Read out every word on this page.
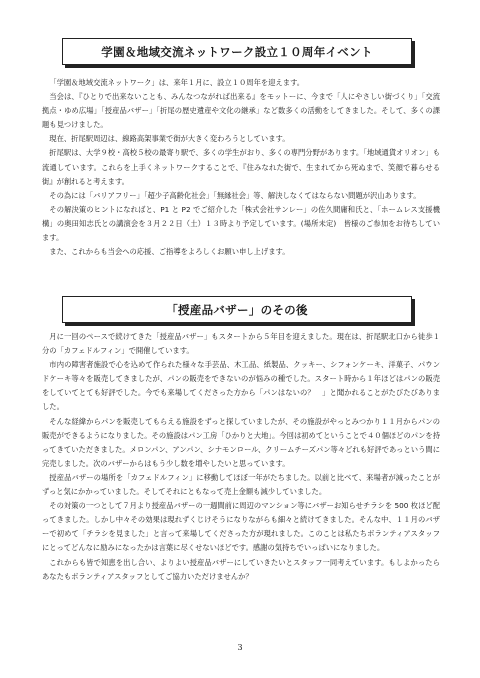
学園＆地域交流ネットワーク設立１０周年イベント

「学園＆地域交流ネットワーク」は、来年１月に、設立１０周年を迎えます。

当会は、『ひとりで出来ないことも、みんなつながれば出来る』をモットーに、今まで「人にやさしい街づくり」「交流拠点・ゆめ広場」「授産品バザー」「折尾の歴史遺産や文化の継承」など数多くの活動をしてきました。そして、多くの課題も見つけました。

現在、折尾駅周辺は、線路高架事業で街が大きく変わろうとしています。

折尾駅は、大学９校・高校５校の最寄り駅で、多くの学生がおり、多くの専門分野があります。「地域通貨オリオン」も流通しています。これらを上手くネットワークすることで、『住みなれた街で、生まれてから死ぬまで、笑顔で暮らせる街』が創れると考えます。

その為には「バリアフリー」「超少子高齢化社会」「無縁社会」等、解決しなくてはならない問題が沢山あります。

その解決策のヒントになればと、P1 と P2 でご紹介した「株式会社サンレー」の佐久間庸和氏と、「ホームレス支援機構」の奥田知志氏との講演会を３月２２日（土）１３時より予定しています。(場所未定)　皆様のご参加をお待ちしています。

また、これからも当会への応援、ご指導をよろしくお願い申し上げます。

「授産品バザー」のその後

月に一回のペースで続けてきた「授産品バザー」もスタートから５年目を迎えました。現在は、折尾駅北口から徒歩１分の「カフェドルフィン」で開催しています。

市内の障害者施設で心を込めて作られた様々な手芸品、木工品、紙製品、クッキー、シフォンケーキ、洋菓子、パウンドケーキ等々を販売してきましたが、パンの販売をできないのが悩みの種でした。スタート時から１年ほどはパンの販売をしていてとても好評でした。今でも来場してくださった方から「パンはないの？　」と聞かれることがたびたびありました。

そんな経緯からパンを販売してもらえる施設をずっと探していましたが、その施設がやっとみつかり１１月からパンの販売ができるようになりました。その施設はパン工房「ひかりと大地」。今回は初めてということで４０個ほどのパンを持ってきていただきました。メロンパン、アンパン、シナモンロール、クリームチーズパン等々どれも好評であっという間に完売しました。次のバザーからはもう少し数を増やしたいと思っています。

授産品バザーの場所を「カフェドルフィン」に移動してほぼ一年がたちました。以前と比べて、来場者が減ったことがずっと気にかかっていました。そしてそれにともなって売上金額も減少していました。

その対策の一つとして７月より授産品バザーの一週間前に周辺のマンション等にバザーお知らせチラシを 500 枚ほど配ってきました。しかし中々その効果は現れずくじけそうになりながらも細々と続けてきました。そんな中、１１月のバザーで初めて「チラシを見ました」と言って来場してくださった方が現れました。このことは私たちボランティアスタッフにとってどんなに励みになったかは言葉に尽くせないほどです。感謝の気持ちでいっぱいになりました。

これからも皆で知恵を出し合い、よりよい授産品バザーにしていきたいとスタッフ一同考えています。もしよかったらあなたもボランティアスタッフとしてご協力いただけませんか？

3
